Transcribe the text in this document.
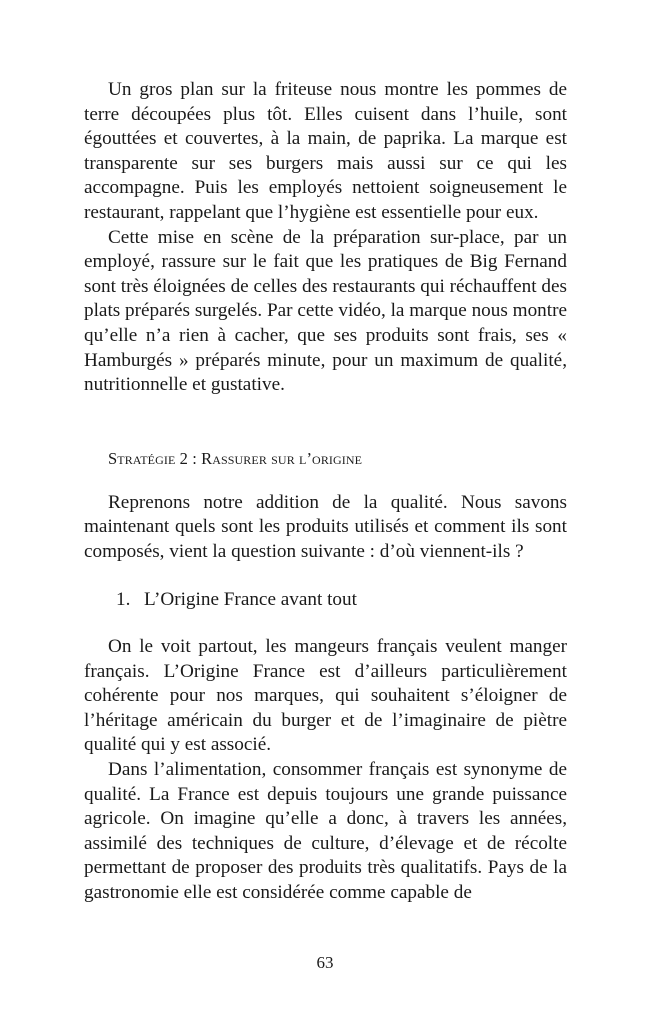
Un gros plan sur la friteuse nous montre les pommes de terre découpées plus tôt. Elles cuisent dans l’huile, sont égouttées et couvertes, à la main, de paprika. La marque est transparente sur ses burgers mais aussi sur ce qui les accompagne. Puis les employés nettoient soigneusement le restaurant, rappelant que l’hygiène est essentielle pour eux.

Cette mise en scène de la préparation sur-place, par un employé, rassure sur le fait que les pratiques de Big Fernand sont très éloignées de celles des restaurants qui réchauffent des plats préparés surgelés. Par cette vidéo, la marque nous montre qu’elle n’a rien à cacher, que ses produits sont frais, ses « Hamburgés » préparés minute, pour un maximum de qualité, nutritionnelle et gustative.

Stratégie 2 : Rassurer sur l’origine

Reprenons notre addition de la qualité. Nous savons maintenant quels sont les produits utilisés et comment ils sont composés, vient la question suivante : d’où viennent-ils ?

1. L’Origine France avant tout

On le voit partout, les mangeurs français veulent manger français. L’Origine France est d’ailleurs particulièrement cohérente pour nos marques, qui souhaitent s’éloigner de l’héritage américain du burger et de l’imaginaire de piètre qualité qui y est associé.

Dans l’alimentation, consommer français est synonyme de qualité. La France est depuis toujours une grande puissance agricole. On imagine qu’elle a donc, à travers les années, assimilé des techniques de culture, d’élevage et de récolte permettant de proposer des produits très qualitatifs. Pays de la gastronomie elle est considérée comme capable de

63
